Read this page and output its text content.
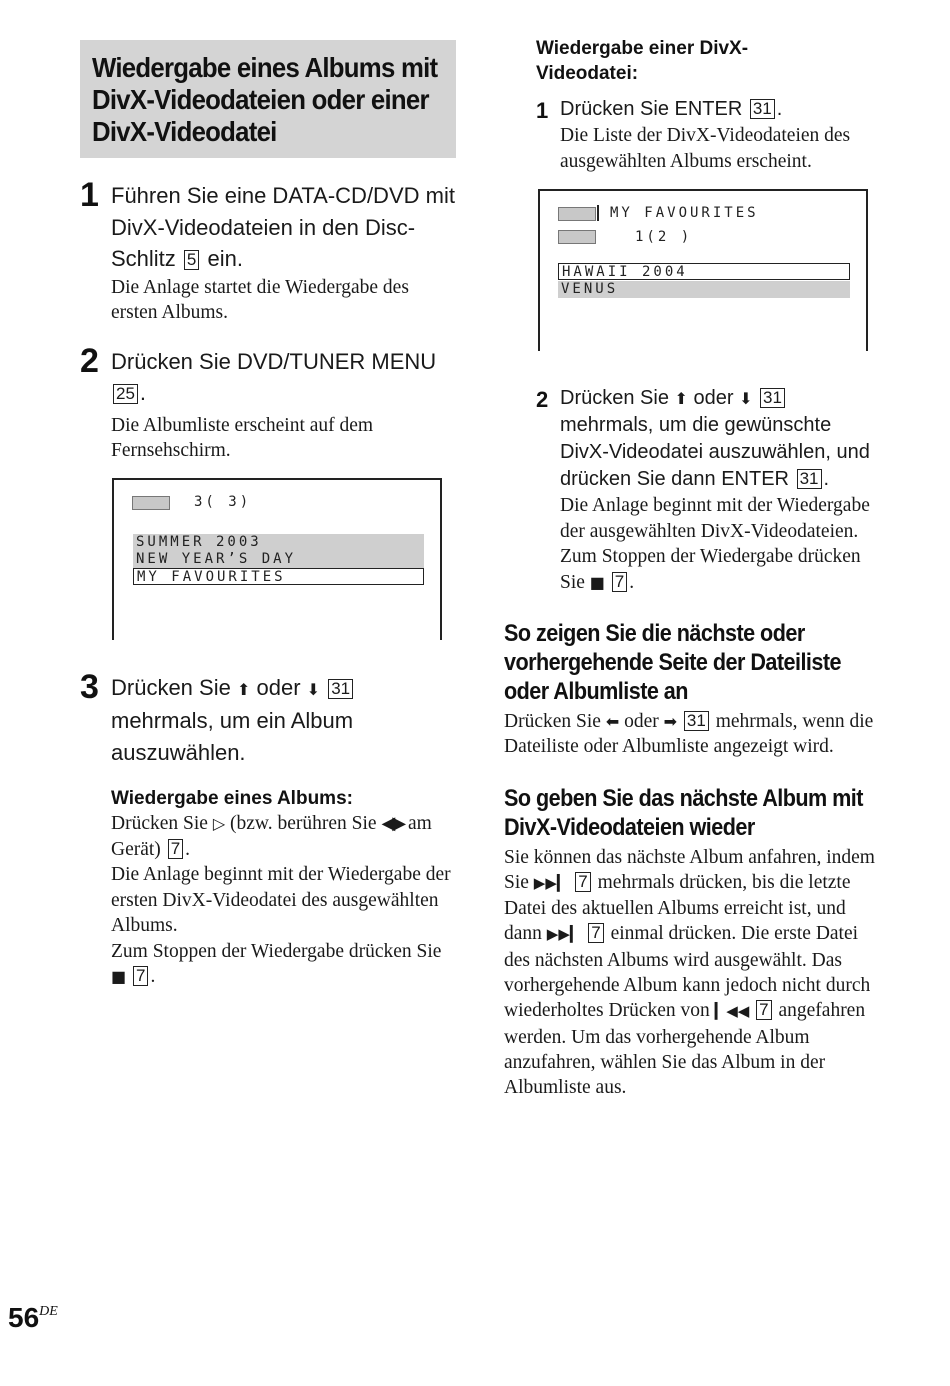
Wiedergabe eines Albums mit DivX-Videodateien oder einer DivX-Videodatei
1 Führen Sie eine DATA-CD/DVD mit DivX-Videodateien in den Disc-Schlitz 5 ein.
Die Anlage startet die Wiedergabe des ersten Albums.
2 Drücken Sie DVD/TUNER MENU 25 .
Die Albumliste erscheint auf dem Fernsehschirm.
3( 3)
SUMMER 2003
NEW YEAR’S DAY
MY FAVOURITES
3 Drücken Sie ⬆ oder ⬇ 31 mehrmals, um ein Album auszuwählen.
Wiedergabe eines Albums:
Drücken Sie ▷ (bzw. berühren Sie ◀▶ am Gerät) 7 .
Die Anlage beginnt mit der Wiedergabe der ersten DivX-Videodatei des ausgewählten Albums.
Zum Stoppen der Wiedergabe drücken Sie ■ 7 .
Wiedergabe einer DivX-Videodatei:
1 Drücken Sie ENTER 31 .
Die Liste der DivX-Videodateien des ausgewählten Albums erscheint.
MY FAVOURITES
1(2 )
HAWAII 2004
VENUS
2 Drücken Sie ⬆ oder ⬇ 31 mehrmals, um die gewünschte DivX-Videodatei auszuwählen, und drücken Sie dann ENTER 31 .
Die Anlage beginnt mit der Wiedergabe der ausgewählten DivX-Videodateien.
Zum Stoppen der Wiedergabe drücken Sie ■ 7 .
So zeigen Sie die nächste oder vorhergehende Seite der Dateiliste oder Albumliste an
Drücken Sie ⬅ oder ➡ 31 mehrmals, wenn die Dateiliste oder Albumliste angezeigt wird.
So geben Sie das nächste Album mit DivX-Videodateien wieder
Sie können das nächste Album anfahren, indem Sie ▶▶▎ 7 mehrmals drücken, bis die letzte Datei des aktuellen Albums erreicht ist, und dann ▶▶▎ 7 einmal drücken. Die erste Datei des nächsten Albums wird ausgewählt. Das vorhergehende Album kann jedoch nicht durch wiederholtes Drücken von ▎◀◀ 7 angefahren werden. Um das vorhergehende Album anzufahren, wählen Sie das Album in der Albumliste aus.
56DE
